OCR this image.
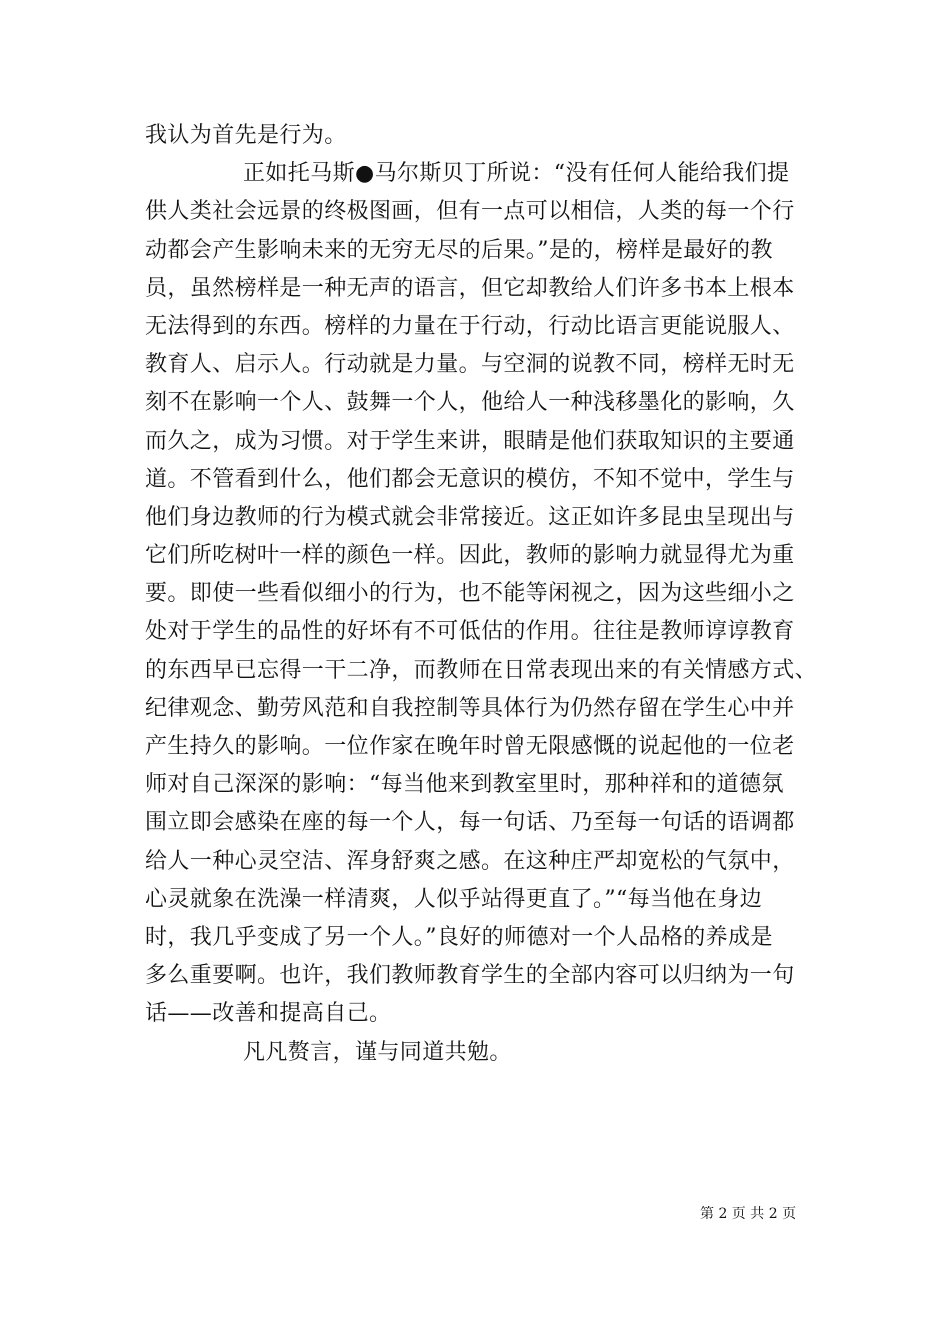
我认为首先是行为。
正如托马斯●马尔斯贝丁所说：“没有任何人能给我们提
供人类社会远景的终极图画，但有一点可以相信，人类的每一个行
动都会产生影响未来的无穷无尽的后果。”是的，榜样是最好的教
员，虽然榜样是一种无声的语言，但它却教给人们许多书本上根本
无法得到的东西。榜样的力量在于行动，行动比语言更能说服人、
教育人、启示人。行动就是力量。与空洞的说教不同，榜样无时无
刻不在影响一个人、鼓舞一个人，他给人一种浅移墨化的影响，久
而久之，成为习惯。对于学生来讲，眼睛是他们获取知识的主要通
道。不管看到什么，他们都会无意识的模仿，不知不觉中，学生与
他们身边教师的行为模式就会非常接近。这正如许多昆虫呈现出与
它们所吃树叶一样的颜色一样。因此，教师的影响力就显得尤为重
要。即使一些看似细小的行为，也不能等闲视之，因为这些细小之
处对于学生的品性的好坏有不可低估的作用。往往是教师谆谆教育
的东西早已忘得一干二净，而教师在日常表现出来的有关情感方式、
纪律观念、勤劳风范和自我控制等具体行为仍然存留在学生心中并
产生持久的影响。一位作家在晚年时曾无限感慨的说起他的一位老
师对自己深深的影响：“每当他来到教室里时，那种祥和的道德氛
围立即会感染在座的每一个人，每一句话、乃至每一句话的语调都
给人一种心灵空洁、浑身舒爽之感。在这种庄严却宽松的气氛中，
心灵就象在洗澡一样清爽，人似乎站得更直了。”“每当他在身边
时，我几乎变成了另一个人。”良好的师德对一个人品格的养成是
多么重要啊。也许，我们教师教育学生的全部内容可以归纳为一句
话——改善和提高自己。
凡凡赘言，谨与同道共勉。
第 2 页 共 2 页
